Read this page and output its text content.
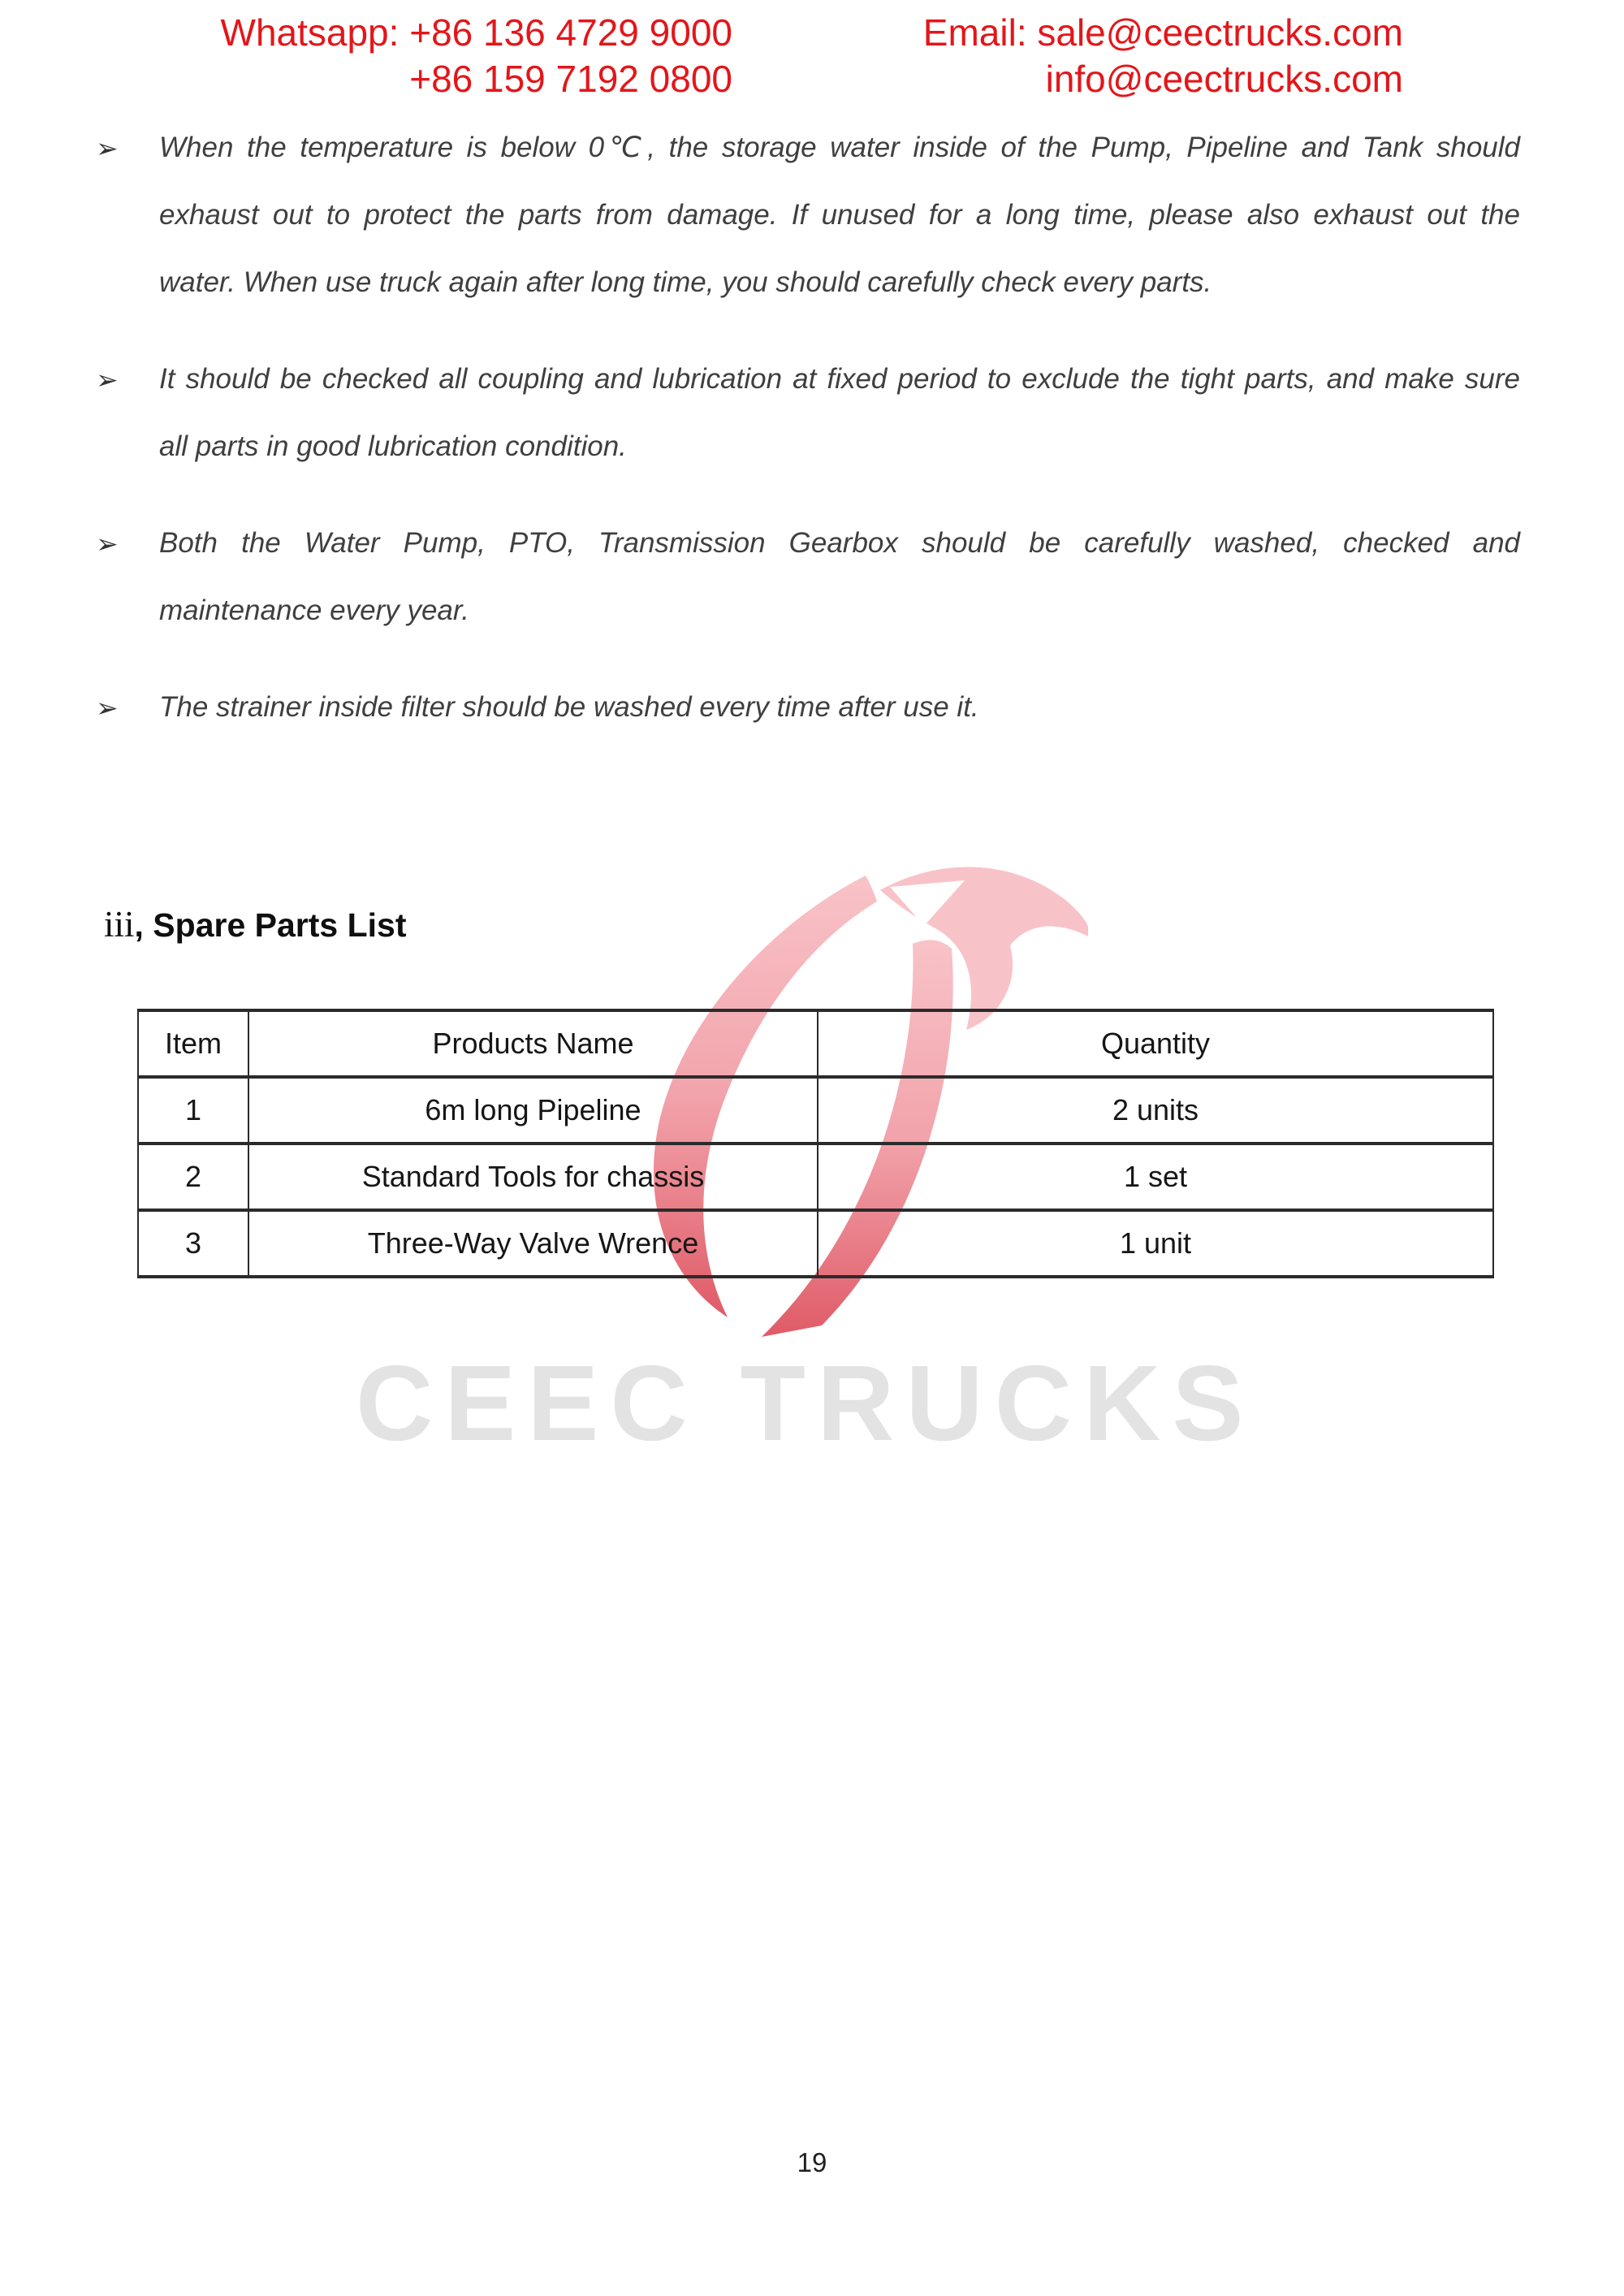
Whatsapp: +86 136 4729 9000
+86 159 7192 0800
Email: sale@ceectrucks.com
info@ceectrucks.com
➢ When the temperature is below 0℃, the storage water inside of the Pump, Pipeline and Tank should
exhaust out to protect the parts from damage. If unused for a long time, please also exhaust out the
water. When use truck again after long time, you should carefully check every parts.
➢ It should be checked all coupling and lubrication at fixed period to exclude the tight parts, and make sure
all parts in good lubrication condition.
➢ Both the Water Pump, PTO, Transmission Gearbox should be carefully washed, checked and
maintenance every year.
➢ The strainer inside filter should be washed every time after use it.
iii, Spare Parts List
Item	Products Name	Quantity
1	6m long Pipeline	2 units
2	Standard Tools for chassis	1 set
3	Three-Way Valve Wrence	1 unit
CEEC TRUCKS
19
